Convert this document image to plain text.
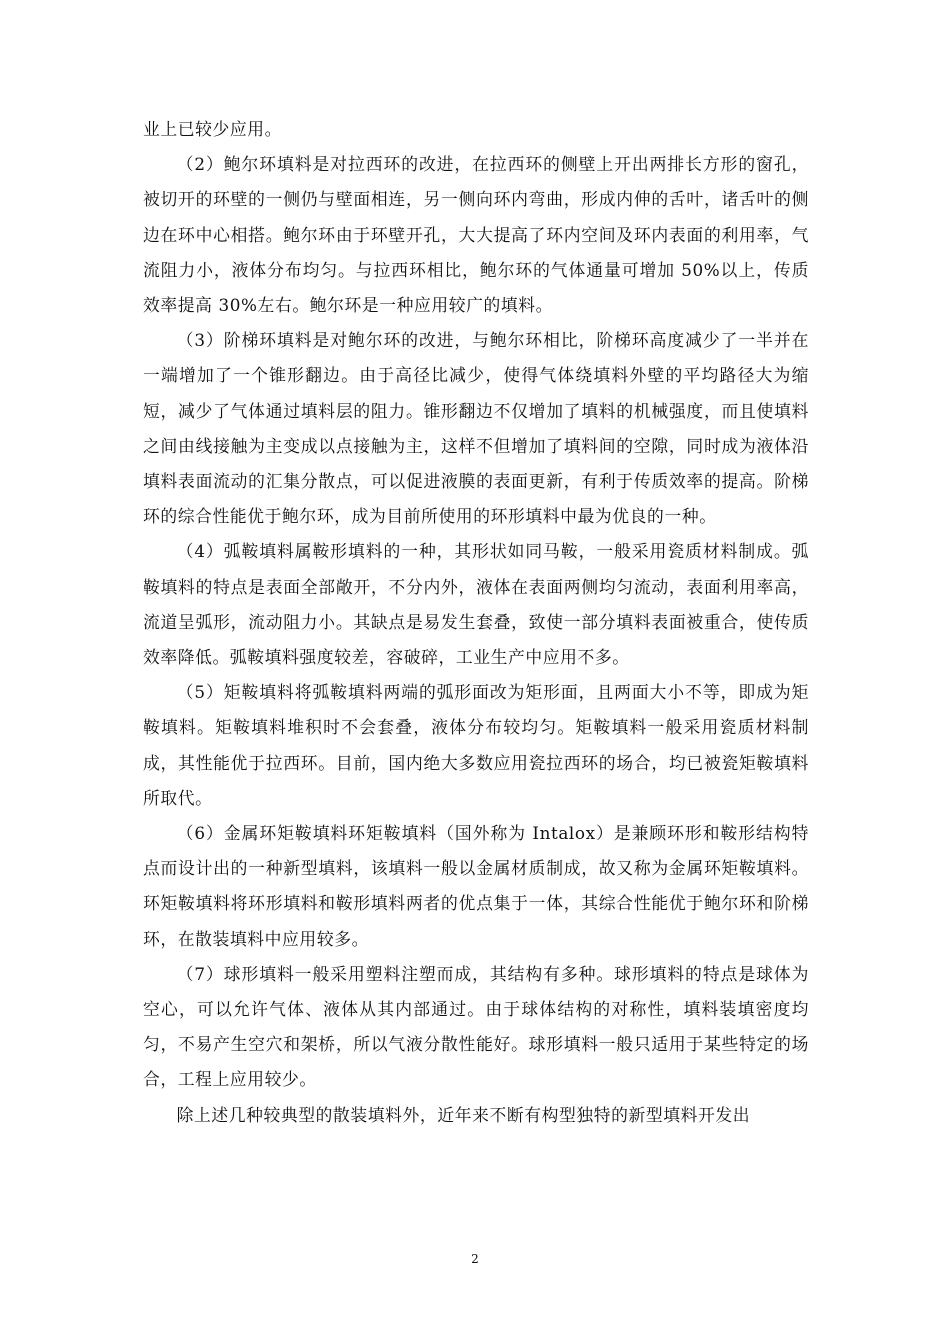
业上已较少应用。

（2）鲍尔环填料是对拉西环的改进，在拉西环的侧壁上开出两排长方形的窗孔，被切开的环壁的一侧仍与壁面相连，另一侧向环内弯曲，形成内伸的舌叶，诸舌叶的侧边在环中心相搭。鲍尔环由于环壁开孔，大大提高了环内空间及环内表面的利用率，气流阻力小，液体分布均匀。与拉西环相比，鲍尔环的气体通量可增加 50%以上，传质效率提高 30%左右。鲍尔环是一种应用较广的填料。

（3）阶梯环填料是对鲍尔环的改进，与鲍尔环相比，阶梯环高度减少了一半并在一端增加了一个锥形翻边。由于高径比减少，使得气体绕填料外壁的平均路径大为缩短，减少了气体通过填料层的阻力。锥形翻边不仅增加了填料的机械强度，而且使填料之间由线接触为主变成以点接触为主，这样不但增加了填料间的空隙，同时成为液体沿填料表面流动的汇集分散点，可以促进液膜的表面更新，有利于传质效率的提高。阶梯环的综合性能优于鲍尔环，成为目前所使用的环形填料中最为优良的一种。

（4）弧鞍填料属鞍形填料的一种，其形状如同马鞍，一般采用瓷质材料制成。弧鞍填料的特点是表面全部敞开，不分内外，液体在表面两侧均匀流动，表面利用率高，流道呈弧形，流动阻力小。其缺点是易发生套叠，致使一部分填料表面被重合，使传质效率降低。弧鞍填料强度较差，容破碎，工业生产中应用不多。

（5）矩鞍填料将弧鞍填料两端的弧形面改为矩形面，且两面大小不等，即成为矩鞍填料。矩鞍填料堆积时不会套叠，液体分布较均匀。矩鞍填料一般采用瓷质材料制成，其性能优于拉西环。目前，国内绝大多数应用瓷拉西环的场合，均已被瓷矩鞍填料所取代。

（6）金属环矩鞍填料环矩鞍填料（国外称为 Intalox）是兼顾环形和鞍形结构特点而设计出的一种新型填料，该填料一般以金属材质制成，故又称为金属环矩鞍填料。环矩鞍填料将环形填料和鞍形填料两者的优点集于一体，其综合性能优于鲍尔环和阶梯环，在散装填料中应用较多。

（7）球形填料一般采用塑料注塑而成，其结构有多种。球形填料的特点是球体为空心，可以允许气体、液体从其内部通过。由于球体结构的对称性，填料装填密度均匀，不易产生空穴和架桥，所以气液分散性能好。球形填料一般只适用于某些特定的场合，工程上应用较少。

除上述几种较典型的散装填料外，近年来不断有构型独特的新型填料开发出

2
